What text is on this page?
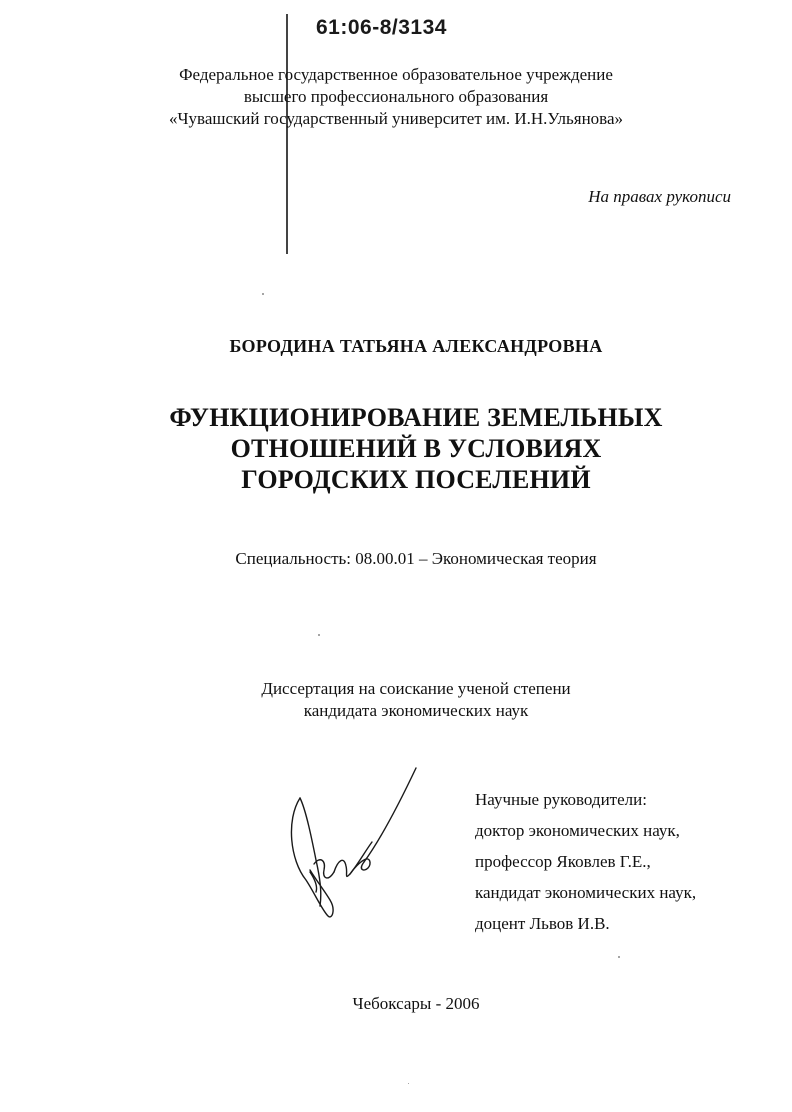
61:06-8/3134
Федеральное государственное образовательное учреждение
высшего профессионального образования
«Чувашский государственный университет им. И.Н.Ульянова»
На правах рукописи
БОРОДИНА ТАТЬЯНА АЛЕКСАНДРОВНА
ФУНКЦИОНИРОВАНИЕ ЗЕМЕЛЬНЫХ
ОТНОШЕНИЙ В УСЛОВИЯХ
ГОРОДСКИХ ПОСЕЛЕНИЙ
Специальность: 08.00.01 – Экономическая теория
Диссертация на соискание ученой степени
кандидата экономических наук
Научные руководители:
доктор экономических наук,
профессор Яковлев Г.Е.,
кандидат экономических наук,
доцент Львов И.В.
Чебоксары - 2006
